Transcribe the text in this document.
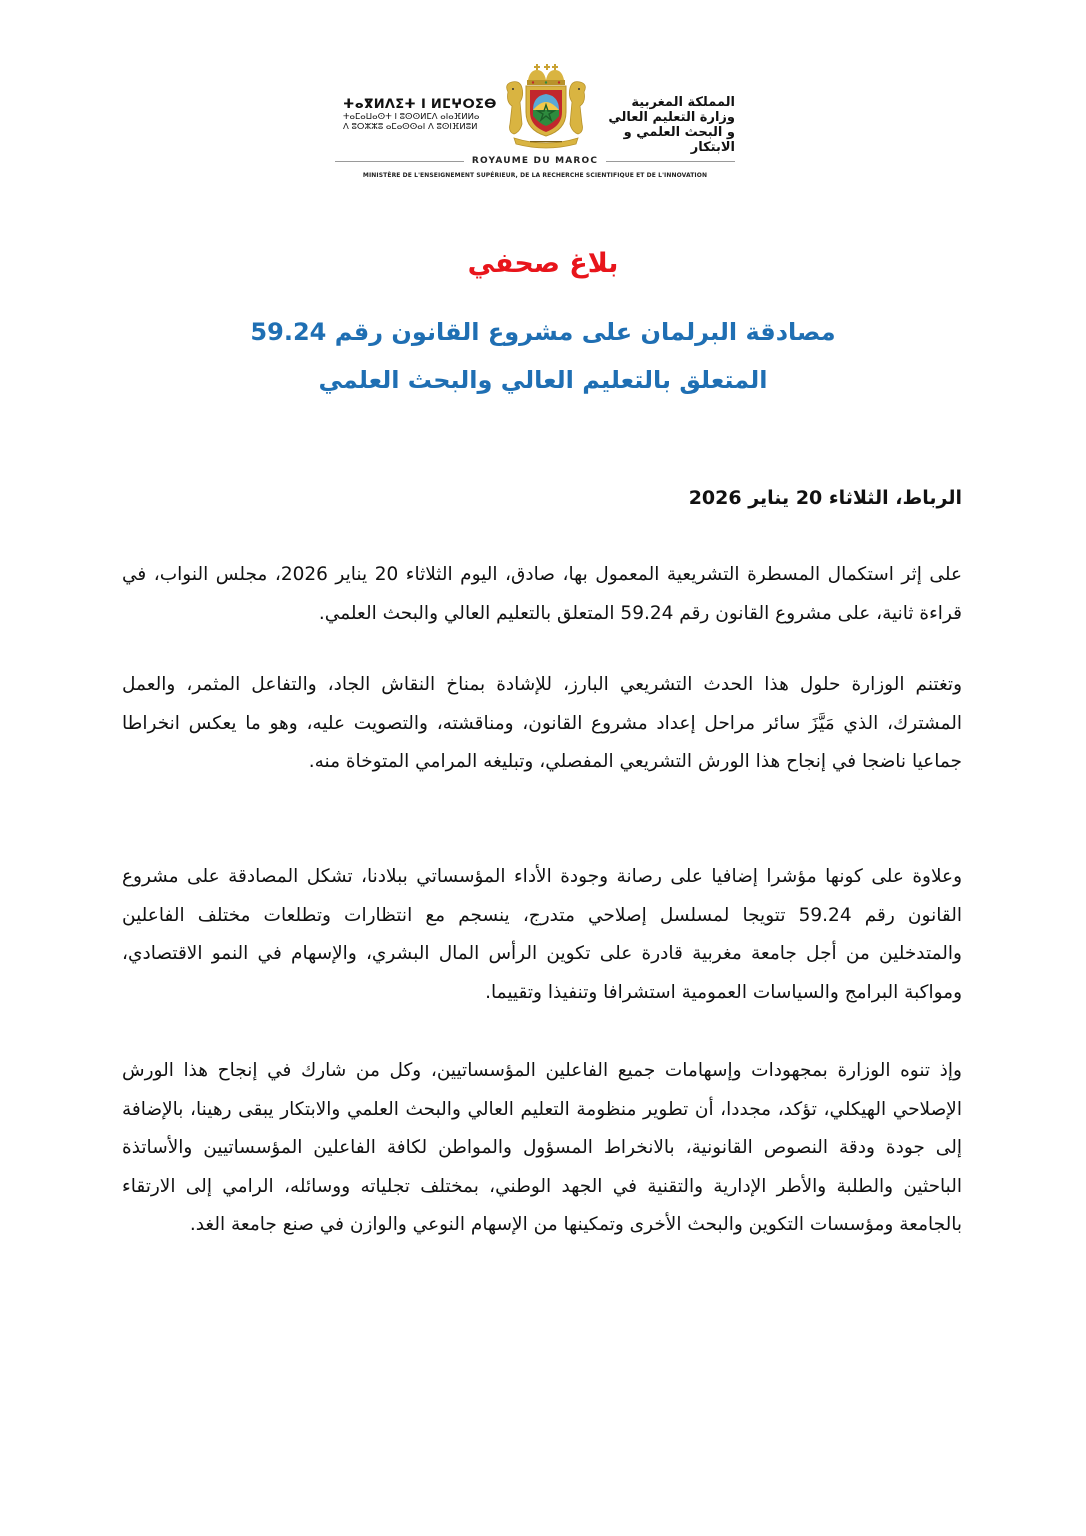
ⵜⴰⴳⵍⴷⵉⵜ ⵏ ⵍⵎⵖⵔⵉⴱ
ⵜⴰⵎⴰⵡⴰⵙⵜ ⵏ ⵓⵙⵙⵍⵎⴷ ⴰⵏⴰⴼⵍⵍⴰ
ⴷ ⵓⵔⵣⵣⵓ ⴰⵎⴰⵙⵙⴰⵏ ⴷ ⵓⵙⵏⴼⵍⵓⵍ
المملكة المغربية
وزارة التعليم العالي
و البحث العلمي و الابتكار
ROYAUME DU MAROC
MINISTÈRE DE L'ENSEIGNEMENT SUPÉRIEUR, DE LA RECHERCHE SCIENTIFIQUE ET DE L'INNOVATION
بلاغ صحفي
مصادقة البرلمان على مشروع القانون رقم 59.24
المتعلق بالتعليم العالي والبحث العلمي
الرباط، الثلاثاء 20 يناير 2026

على إثر استكمال المسطرة التشريعية المعمول بها، صادق، اليوم الثلاثاء 20 يناير 2026، مجلس النواب، في قراءة ثانية، على مشروع القانون رقم 59.24 المتعلق بالتعليم العالي والبحث العلمي.

وتغتنم الوزارة حلول هذا الحدث التشريعي البارز، للإشادة بمناخ النقاش الجاد، والتفاعل المثمر، والعمل المشترك، الذي مَيَّزَ سائر مراحل إعداد مشروع القانون، ومناقشته، والتصويت عليه، وهو ما يعكس انخراطا جماعيا ناضجا في إنجاح هذا الورش التشريعي المفصلي، وتبليغه المرامي المتوخاة منه.

وعلاوة على كونها مؤشرا إضافيا على رصانة وجودة الأداء المؤسساتي ببلادنا، تشكل المصادقة على مشروع القانون رقم 59.24 تتويجا لمسلسل إصلاحي متدرج، ينسجم مع انتظارات وتطلعات مختلف الفاعلين والمتدخلين من أجل جامعة مغربية قادرة على تكوين الرأس المال البشري، والإسهام في النمو الاقتصادي، ومواكبة البرامج والسياسات العمومية استشرافا وتنفيذا وتقييما.

وإذ تنوه الوزارة بمجهودات وإسهامات جميع الفاعلين المؤسساتيين، وكل من شارك في إنجاح هذا الورش الإصلاحي الهيكلي، تؤكد، مجددا، أن تطوير منظومة التعليم العالي والبحث العلمي والابتكار يبقى رهينا، بالإضافة إلى جودة ودقة النصوص القانونية، بالانخراط المسؤول والمواطن لكافة الفاعلين المؤسساتيين والأساتذة الباحثين والطلبة والأطر الإدارية والتقنية في الجهد الوطني، بمختلف تجلياته ووسائله، الرامي إلى الارتقاء بالجامعة ومؤسسات التكوين والبحث الأخرى وتمكينها من الإسهام النوعي والوازن في صنع جامعة الغد.
